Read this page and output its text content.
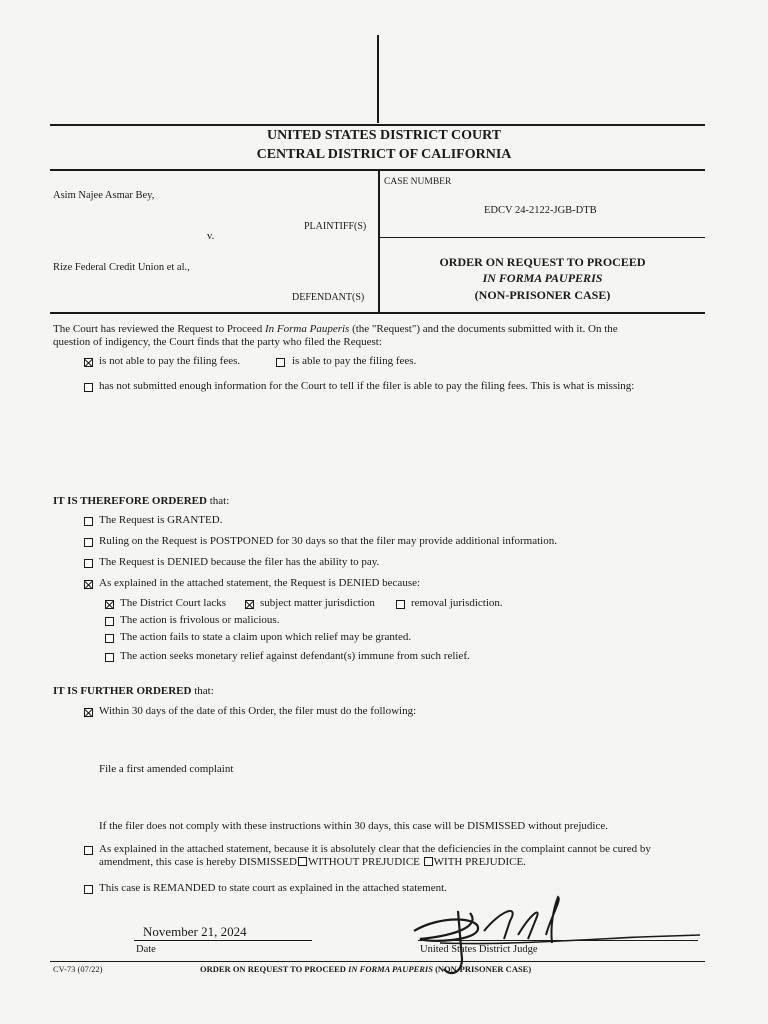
UNITED STATES DISTRICT COURT
CENTRAL DISTRICT OF CALIFORNIA
Asim Najee Asmar Bey,
PLAINTIFF(S)
v.
Rize Federal Credit Union et al.,
DEFENDANT(S)
CASE NUMBER
EDCV 24-2122-JGB-DTB
ORDER ON REQUEST TO PROCEED
IN FORMA PAUPERIS
(NON-PRISONER CASE)
The Court has reviewed the Request to Proceed In Forma Pauperis (the "Request") and the documents submitted with it. On the
question of indigency, the Court finds that the party who filed the Request:
is not able to pay the filing fees.	is able to pay the filing fees.
has not submitted enough information for the Court to tell if the filer is able to pay the filing fees. This is what is missing:
IT IS THEREFORE ORDERED that:
The Request is GRANTED.
Ruling on the Request is POSTPONED for 30 days so that the filer may provide additional information.
The Request is DENIED because the filer has the ability to pay.
As explained in the attached statement, the Request is DENIED because:
The District Court lacks	subject matter jurisdiction	removal jurisdiction.
The action is frivolous or malicious.
The action fails to state a claim upon which relief may be granted.
The action seeks monetary relief against defendant(s) immune from such relief.
IT IS FURTHER ORDERED that:
Within 30 days of the date of this Order, the filer must do the following:
File a first amended complaint
If the filer does not comply with these instructions within 30 days, this case will be DISMISSED without prejudice.
As explained in the attached statement, because it is absolutely clear that the deficiencies in the complaint cannot be cured by
amendment, this case is hereby DISMISSED WITHOUT PREJUDICE WITH PREJUDICE.
This case is REMANDED to state court as explained in the attached statement.
November 21, 2024
Date	United States District Judge
CV-73 (07/22)	ORDER ON REQUEST TO PROCEED IN FORMA PAUPERIS (NON-PRISONER CASE)
